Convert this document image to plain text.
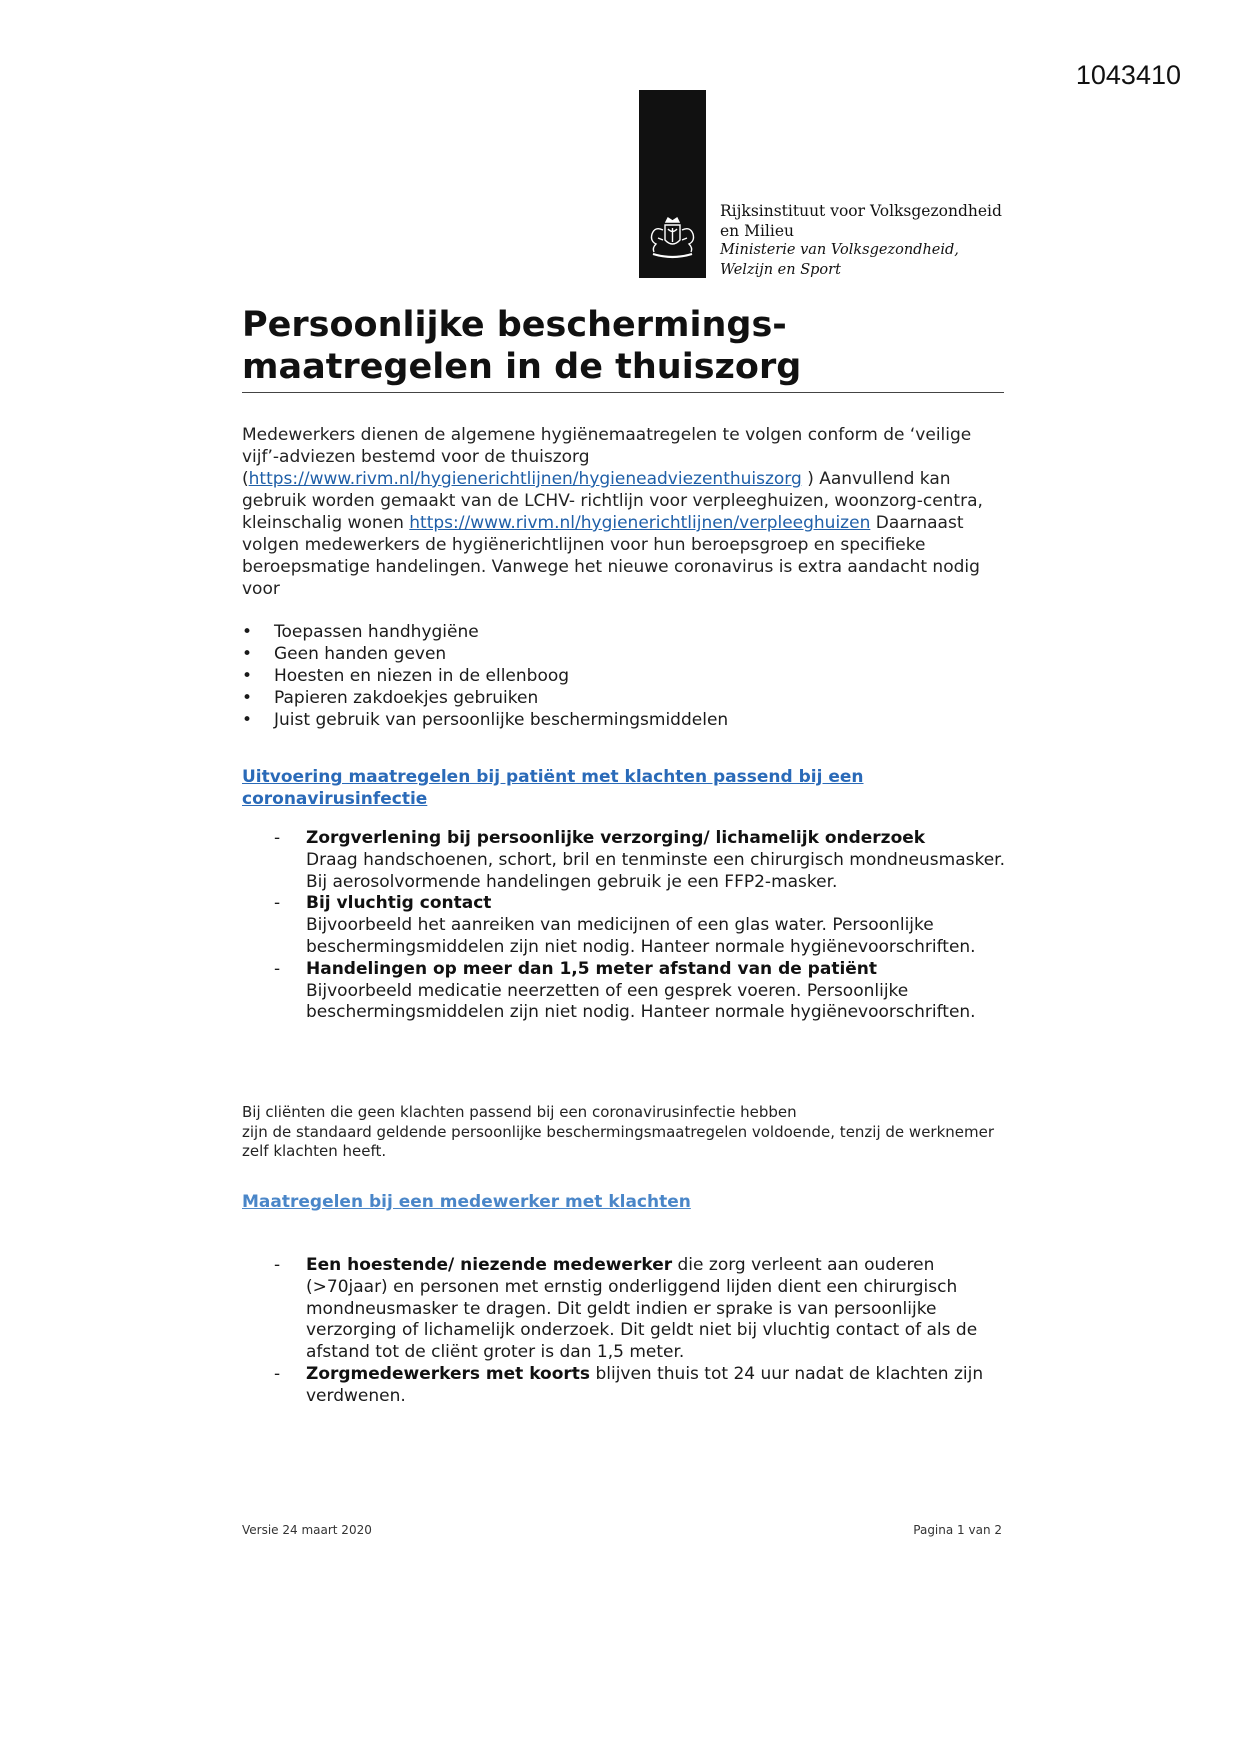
1043410
Rijksinstituut voor Volksgezondheid
en Milieu
Ministerie van Volksgezondheid,
Welzijn en Sport
Persoonlijke beschermings-
maatregelen in de thuiszorg

Medewerkers dienen de algemene hygiënemaatregelen te volgen conform de ‘veilige vijf’-adviezen bestemd voor de thuiszorg (https://www.rivm.nl/hygienerichtlijnen/hygieneadviezenthuiszorg ) Aanvullend kan gebruik worden gemaakt van de LCHV- richtlijn voor verpleeghuizen, woonzorg-centra, kleinschalig wonen https://www.rivm.nl/hygienerichtlijnen/verpleeghuizen Daarnaast volgen medewerkers de hygiënerichtlijnen voor hun beroepsgroep en specifieke beroepsmatige handelingen. Vanwege het nieuwe coronavirus is extra aandacht nodig voor

• Toepassen handhygiëne
• Geen handen geven
• Hoesten en niezen in de ellenboog
• Papieren zakdoekjes gebruiken
• Juist gebruik van persoonlijke beschermingsmiddelen
Uitvoering maatregelen bij patiënt met klachten passend bij een
coronavirusinfectie
- Zorgverlening bij persoonlijke verzorging/ lichamelijk onderzoek
Draag handschoenen, schort, bril en tenminste een chirurgisch mondneusmasker. Bij aerosolvormende handelingen gebruik je een FFP2-masker.
- Bij vluchtig contact
Bijvoorbeeld het aanreiken van medicijnen of een glas water. Persoonlijke beschermingsmiddelen zijn niet nodig. Hanteer normale hygiënevoorschriften.
- Handelingen op meer dan 1,5 meter afstand van de patiënt
Bijvoorbeeld medicatie neerzetten of een gesprek voeren. Persoonlijke beschermingsmiddelen zijn niet nodig. Hanteer normale hygiënevoorschriften.
Bij cliënten die geen klachten passend bij een coronavirusinfectie hebben
zijn de standaard geldende persoonlijke beschermingsmaatregelen voldoende, tenzij de werknemer zelf klachten heeft.
Maatregelen bij een medewerker met klachten
- Een hoestende/ niezende medewerker die zorg verleent aan ouderen (>70jaar) en personen met ernstig onderliggend lijden dient een chirurgisch mondneusmasker te dragen. Dit geldt indien er sprake is van persoonlijke verzorging of lichamelijk onderzoek. Dit geldt niet bij vluchtig contact of als de afstand tot de cliënt groter is dan 1,5 meter.
- Zorgmedewerkers met koorts blijven thuis tot 24 uur nadat de klachten zijn verdwenen.
Versie 24 maart 2020	Pagina 1 van 2
